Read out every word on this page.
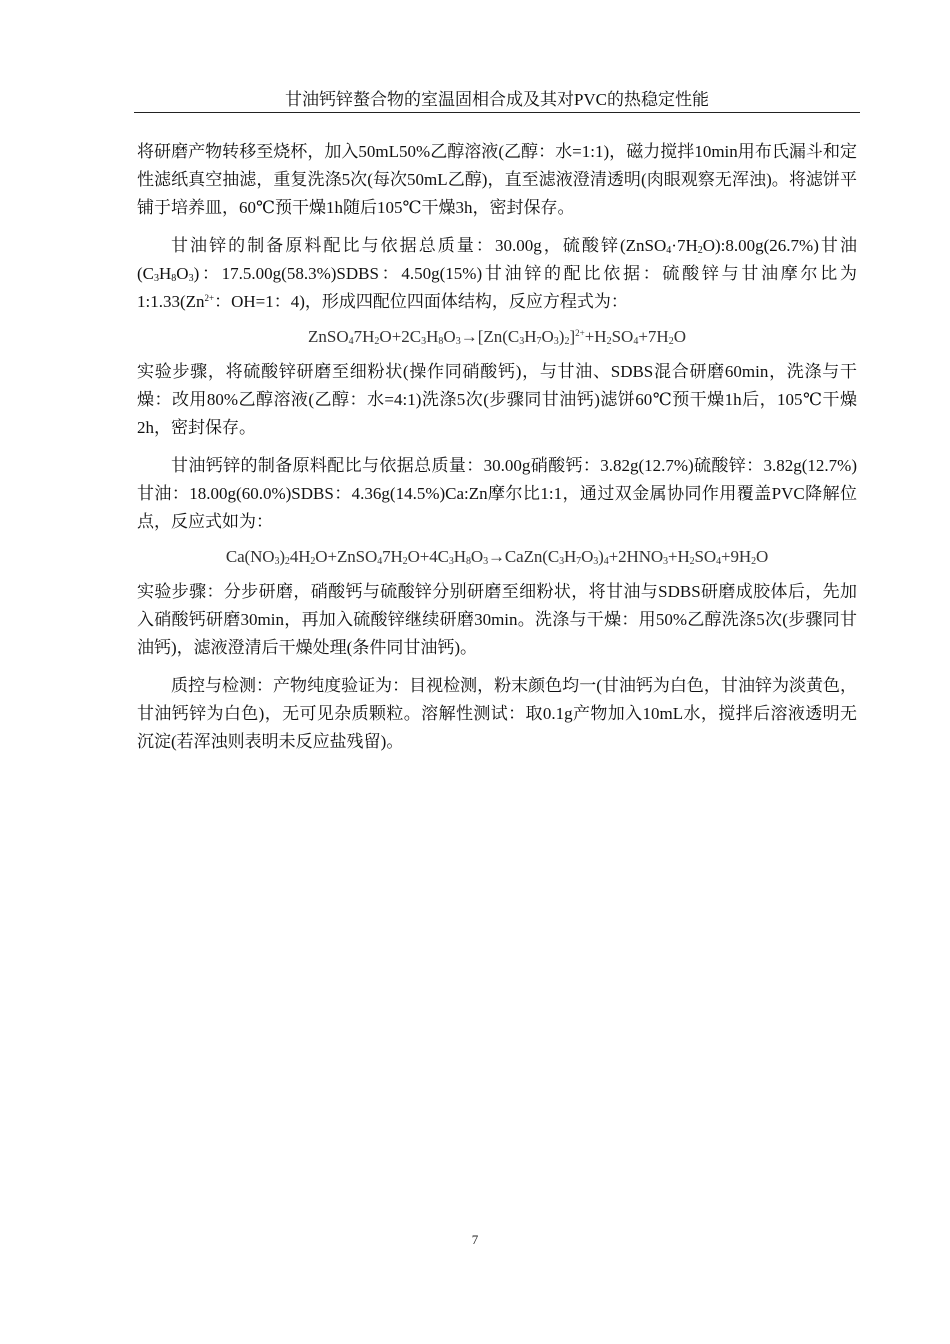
甘油钙锌螯合物的室温固相合成及其对PVC的热稳定性能

将研磨产物转移至烧杯，加入50mL50%乙醇溶液(乙醇：水=1:1)，磁力搅拌10min用布氏漏斗和定性滤纸真空抽滤，重复洗涤5次(每次50mL乙醇)，直至滤液澄清透明(肉眼观察无浑浊)。将滤饼平铺于培养皿，60℃预干燥1h随后105℃干燥3h，密封保存。

甘油锌的制备原料配比与依据总质量：30.00g，硫酸锌$(ZnSO_4\cdot 7H_2O):8.00g(26.7\%)$甘油$(C_3H_8O_3)$：17.5.00g(58.3%)SDBS：4.50g(15%)甘油锌的配比依据：硫酸锌与甘油摩尔比为$1:1.33(Zn^{2+}$：OH=1：4)，形成四配位四面体结构，反应方程式为：

$ZnSO_47H_2O+2C_3H_8O_3\to[Zn(C_3H_7O_3)_2]^{2+}+H_2SO_4+7H_2O$

实验步骤，将硫酸锌研磨至细粉状(操作同硝酸钙)，与甘油、SDBS混合研磨60min，洗涤与干燥：改用80%乙醇溶液(乙醇：水=4:1)洗涤5次(步骤同甘油钙)滤饼60℃预干燥1h后，105℃干燥2h，密封保存。

甘油钙锌的制备原料配比与依据总质量：30.00g硝酸钙：3.82g(12.7%)硫酸锌：3.82g(12.7%)甘油：18.00g(60.0%)SDBS：4.36g(14.5%)Ca:Zn摩尔比1:1，通过双金属协同作用覆盖PVC降解位点，反应式如为：

$Ca(NO_3)_24H_2O+ZnSO_47H_2O+4C_3H_8O_3\to CaZn(C_3H_7O_3)_4+2HNO_3+H_2SO_4+9H_2O$

实验步骤：分步研磨，硝酸钙与硫酸锌分别研磨至细粉状，将甘油与SDBS研磨成胶体后，先加入硝酸钙研磨30min，再加入硫酸锌继续研磨30min。洗涤与干燥：用50%乙醇洗涤5次(步骤同甘油钙)，滤液澄清后干燥处理(条件同甘油钙)。

质控与检测：产物纯度验证为：目视检测，粉末颜色均一(甘油钙为白色，甘油锌为淡黄色，甘油钙锌为白色)，无可见杂质颗粒。溶解性测试：取0.1g产物加入10mL水，搅拌后溶液透明无沉淀(若浑浊则表明未反应盐残留)。

7
